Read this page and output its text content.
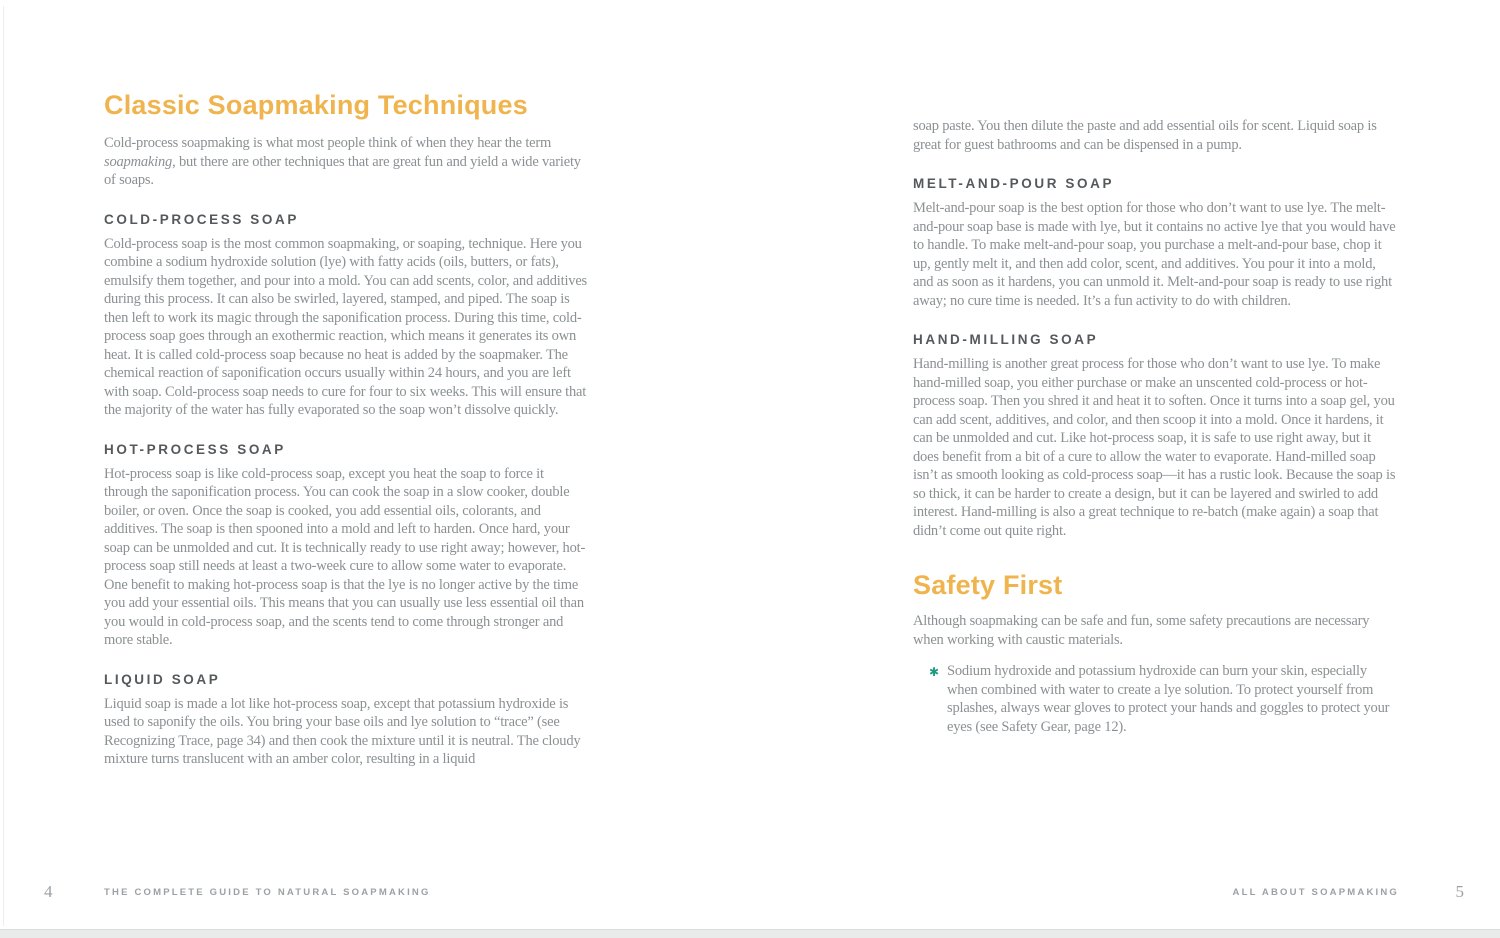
Classic Soapmaking Techniques

Cold-process soapmaking is what most people think of when they hear the term soapmaking, but there are other techniques that are great fun and yield a wide variety of soaps.

COLD-PROCESS SOAP

Cold-process soap is the most common soapmaking, or soaping, technique. Here you combine a sodium hydroxide solution (lye) with fatty acids (oils, butters, or fats), emulsify them together, and pour into a mold. You can add scents, color, and additives during this process. It can also be swirled, layered, stamped, and piped. The soap is then left to work its magic through the saponification process. During this time, cold-process soap goes through an exothermic reaction, which means it generates its own heat. It is called cold-process soap because no heat is added by the soapmaker. The chemical reaction of saponification occurs usually within 24 hours, and you are left with soap. Cold-process soap needs to cure for four to six weeks. This will ensure that the majority of the water has fully evaporated so the soap won’t dissolve quickly.

HOT-PROCESS SOAP

Hot-process soap is like cold-process soap, except you heat the soap to force it through the saponification process. You can cook the soap in a slow cooker, double boiler, or oven. Once the soap is cooked, you add essential oils, colorants, and additives. The soap is then spooned into a mold and left to harden. Once hard, your soap can be unmolded and cut. It is technically ready to use right away; however, hot-process soap still needs at least a two-week cure to allow some water to evaporate. One benefit to making hot-process soap is that the lye is no longer active by the time you add your essential oils. This means that you can usually use less essential oil than you would in cold-process soap, and the scents tend to come through stronger and more stable.

LIQUID SOAP

Liquid soap is made a lot like hot-process soap, except that potassium hydroxide is used to saponify the oils. You bring your base oils and lye solution to “trace” (see Recognizing Trace, page 34) and then cook the mixture until it is neutral. The cloudy mixture turns translucent with an amber color, resulting in a liquid

soap paste. You then dilute the paste and add essential oils for scent. Liquid soap is great for guest bathrooms and can be dispensed in a pump.

MELT-AND-POUR SOAP

Melt-and-pour soap is the best option for those who don’t want to use lye. The melt-and-pour soap base is made with lye, but it contains no active lye that you would have to handle. To make melt-and-pour soap, you purchase a melt-and-pour base, chop it up, gently melt it, and then add color, scent, and additives. You pour it into a mold, and as soon as it hardens, you can unmold it. Melt-and-pour soap is ready to use right away; no cure time is needed. It’s a fun activity to do with children.

HAND-MILLING SOAP

Hand-milling is another great process for those who don’t want to use lye. To make hand-milled soap, you either purchase or make an unscented cold-process or hot-process soap. Then you shred it and heat it to soften. Once it turns into a soap gel, you can add scent, additives, and color, and then scoop it into a mold. Once it hardens, it can be unmolded and cut. Like hot-process soap, it is safe to use right away, but it does benefit from a bit of a cure to allow the water to evaporate. Hand-milled soap isn’t as smooth looking as cold-process soap—it has a rustic look. Because the soap is so thick, it can be harder to create a design, but it can be layered and swirled to add interest. Hand-milling is also a great technique to re-batch (make again) a soap that didn’t come out quite right.

Safety First

Although soapmaking can be safe and fun, some safety precautions are necessary when working with caustic materials.

✱ Sodium hydroxide and potassium hydroxide can burn your skin, especially when combined with water to create a lye solution. To protect yourself from splashes, always wear gloves to protect your hands and goggles to protect your eyes (see Safety Gear, page 12).
4	THE COMPLETE GUIDE TO NATURAL SOAPMAKING	ALL ABOUT SOAPMAKING	5
